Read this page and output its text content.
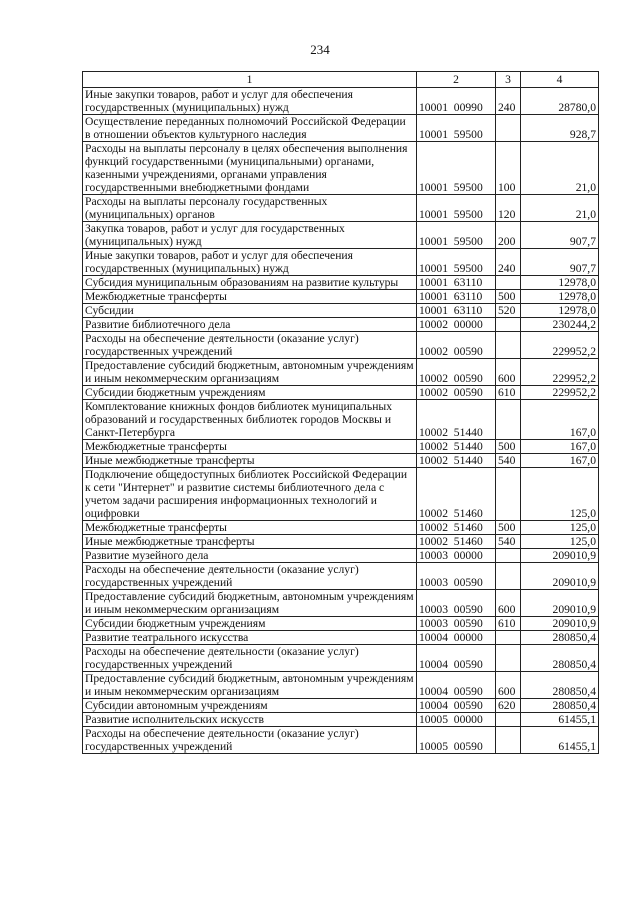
234
1	2	3	4
Иные закупки товаров, работ и услуг для обеспечения государственных (муниципальных) нужд	10001  00990	240	28780,0
Осуществление переданных полномочий Российской Федерации в отношении объектов культурного наследия	10001  59500		928,7
Расходы на выплаты персоналу в целях обеспечения выполнения функций государственными (муниципальными) органами, казенными учреждениями, органами управления государственными внебюджетными фондами	10001  59500	100	21,0
Расходы на выплаты персоналу государственных (муниципальных) органов	10001  59500	120	21,0
Закупка товаров, работ и услуг для государственных (муниципальных) нужд	10001  59500	200	907,7
Иные закупки товаров, работ и услуг для обеспечения государственных (муниципальных) нужд	10001  59500	240	907,7
Субсидия муниципальным образованиям на развитие культуры	10001  63110		12978,0
Межбюджетные трансферты	10001  63110	500	12978,0
Субсидии	10001  63110	520	12978,0
Развитие библиотечного дела	10002  00000		230244,2
Расходы на обеспечение деятельности (оказание услуг) государственных учреждений	10002  00590		229952,2
Предоставление субсидий бюджетным, автономным учреждениям и иным некоммерческим организациям	10002  00590	600	229952,2
Субсидии бюджетным учреждениям	10002  00590	610	229952,2
Комплектование книжных фондов библиотек муниципальных образований и государственных библиотек городов Москвы и Санкт-Петербурга	10002  51440		167,0
Межбюджетные трансферты	10002  51440	500	167,0
Иные межбюджетные трансферты	10002  51440	540	167,0
Подключение общедоступных библиотек Российской Федерации к сети "Интернет" и развитие системы библиотечного дела с учетом задачи расширения информационных технологий и оцифровки	10002  51460		125,0
Межбюджетные трансферты	10002  51460	500	125,0
Иные межбюджетные трансферты	10002  51460	540	125,0
Развитие музейного дела	10003  00000		209010,9
Расходы на обеспечение деятельности (оказание услуг) государственных учреждений	10003  00590		209010,9
Предоставление субсидий бюджетным, автономным учреждениям и иным некоммерческим организациям	10003  00590	600	209010,9
Субсидии бюджетным учреждениям	10003  00590	610	209010,9
Развитие театрального искусства	10004  00000		280850,4
Расходы на обеспечение деятельности (оказание услуг) государственных учреждений	10004  00590		280850,4
Предоставление субсидий бюджетным, автономным учреждениям и иным некоммерческим организациям	10004  00590	600	280850,4
Субсидии автономным учреждениям	10004  00590	620	280850,4
Развитие исполнительских искусств	10005  00000		61455,1
Расходы на обеспечение деятельности (оказание услуг) государственных учреждений	10005  00590		61455,1
